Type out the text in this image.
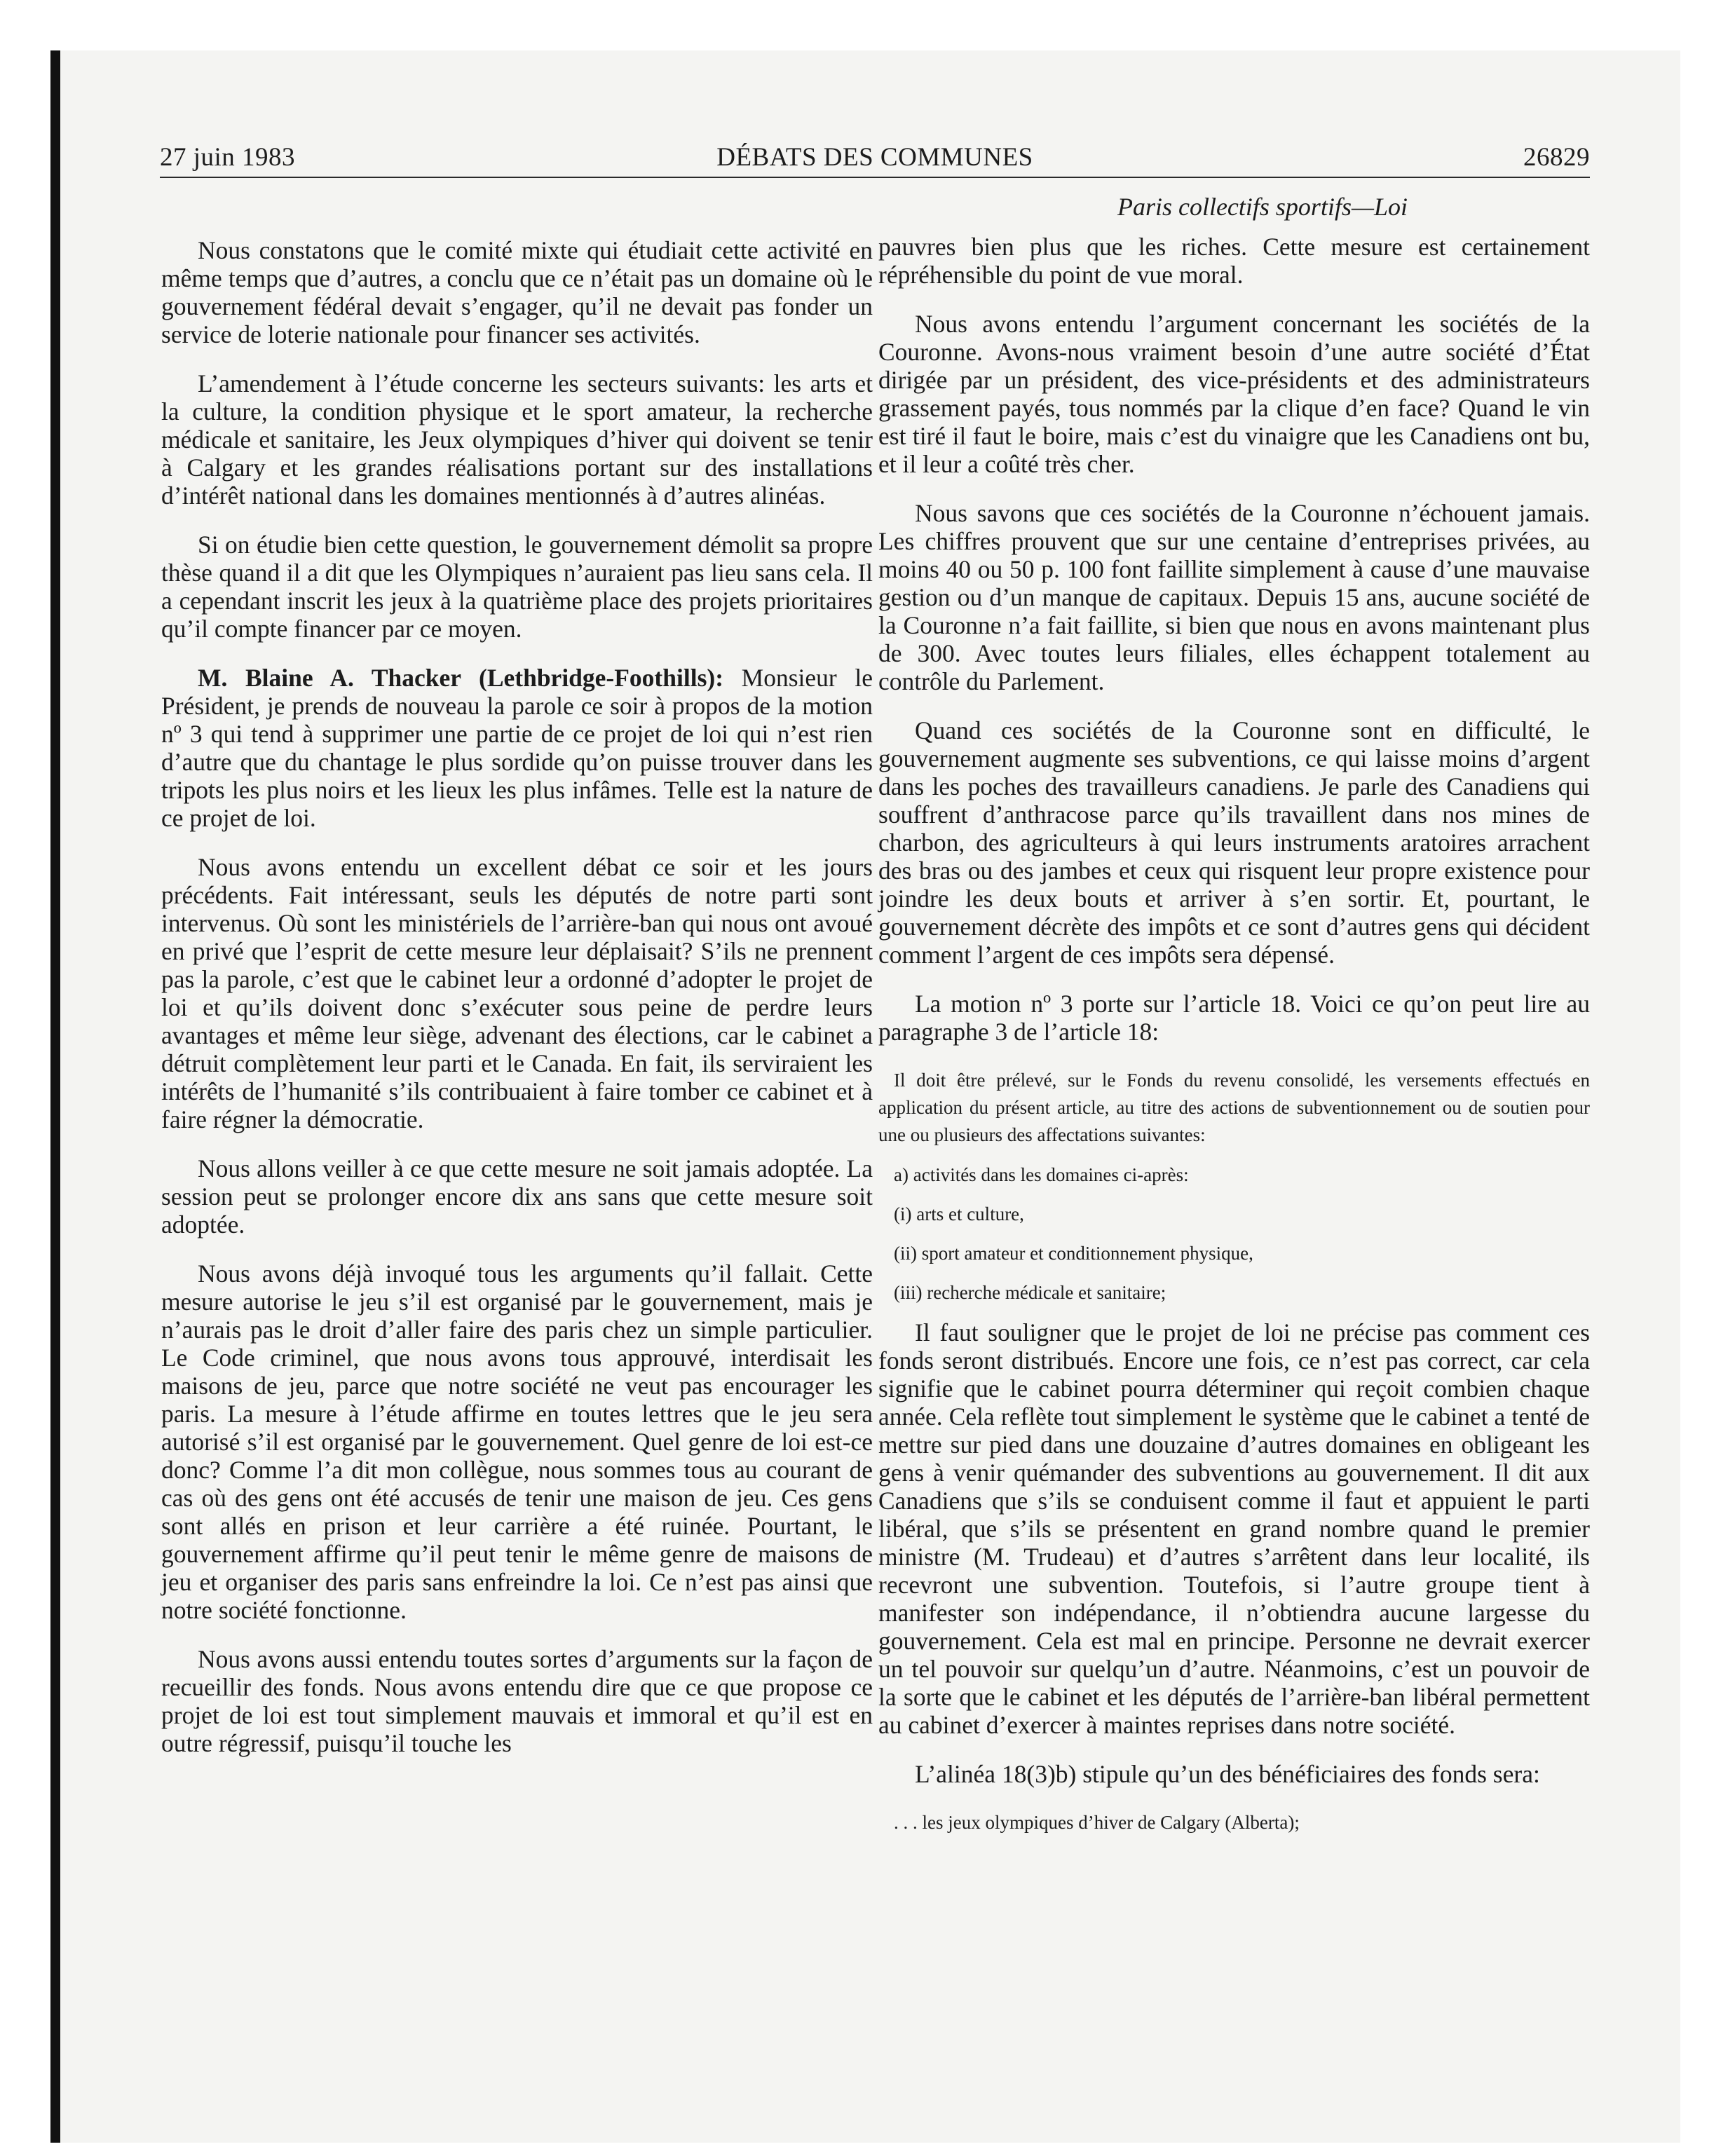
27 juin 1983	DÉBATS DES COMMUNES	26829
Paris collectifs sportifs—Loi

Nous constatons que le comité mixte qui étudiait cette activité en même temps que d’autres, a conclu que ce n’était pas un domaine où le gouvernement fédéral devait s’engager, qu’il ne devait pas fonder un service de loterie nationale pour financer ses activités.

L’amendement à l’étude concerne les secteurs suivants: les arts et la culture, la condition physique et le sport amateur, la recherche médicale et sanitaire, les Jeux olympiques d’hiver qui doivent se tenir à Calgary et les grandes réalisations portant sur des installations d’intérêt national dans les domaines mentionnés à d’autres alinéas.

Si on étudie bien cette question, le gouvernement démolit sa propre thèse quand il a dit que les Olympiques n’auraient pas lieu sans cela. Il a cependant inscrit les jeux à la quatrième place des projets prioritaires qu’il compte financer par ce moyen.

M. Blaine A. Thacker (Lethbridge-Foothills): Monsieur le Président, je prends de nouveau la parole ce soir à propos de la motion nº 3 qui tend à supprimer une partie de ce projet de loi qui n’est rien d’autre que du chantage le plus sordide qu’on puisse trouver dans les tripots les plus noirs et les lieux les plus infâmes. Telle est la nature de ce projet de loi.

Nous avons entendu un excellent débat ce soir et les jours précédents. Fait intéressant, seuls les députés de notre parti sont intervenus. Où sont les ministériels de l’arrière-ban qui nous ont avoué en privé que l’esprit de cette mesure leur déplaisait? S’ils ne prennent pas la parole, c’est que le cabinet leur a ordonné d’adopter le projet de loi et qu’ils doivent donc s’exécuter sous peine de perdre leurs avantages et même leur siège, advenant des élections, car le cabinet a détruit complètement leur parti et le Canada. En fait, ils serviraient les intérêts de l’humanité s’ils contribuaient à faire tomber ce cabinet et à faire régner la démocratie.

Nous allons veiller à ce que cette mesure ne soit jamais adoptée. La session peut se prolonger encore dix ans sans que cette mesure soit adoptée.

Nous avons déjà invoqué tous les arguments qu’il fallait. Cette mesure autorise le jeu s’il est organisé par le gouvernement, mais je n’aurais pas le droit d’aller faire des paris chez un simple particulier. Le Code criminel, que nous avons tous approuvé, interdisait les maisons de jeu, parce que notre société ne veut pas encourager les paris. La mesure à l’étude affirme en toutes lettres que le jeu sera autorisé s’il est organisé par le gouvernement. Quel genre de loi est-ce donc? Comme l’a dit mon collègue, nous sommes tous au courant de cas où des gens ont été accusés de tenir une maison de jeu. Ces gens sont allés en prison et leur carrière a été ruinée. Pourtant, le gouvernement affirme qu’il peut tenir le même genre de maisons de jeu et organiser des paris sans enfreindre la loi. Ce n’est pas ainsi que notre société fonctionne.

Nous avons aussi entendu toutes sortes d’arguments sur la façon de recueillir des fonds. Nous avons entendu dire que ce que propose ce projet de loi est tout simplement mauvais et immoral et qu’il est en outre régressif, puisqu’il touche les

pauvres bien plus que les riches. Cette mesure est certainement répréhensible du point de vue moral.

Nous avons entendu l’argument concernant les sociétés de la Couronne. Avons-nous vraiment besoin d’une autre société d’État dirigée par un président, des vice-présidents et des administrateurs grassement payés, tous nommés par la clique d’en face? Quand le vin est tiré il faut le boire, mais c’est du vinaigre que les Canadiens ont bu, et il leur a coûté très cher.

Nous savons que ces sociétés de la Couronne n’échouent jamais. Les chiffres prouvent que sur une centaine d’entreprises privées, au moins 40 ou 50 p. 100 font faillite simplement à cause d’une mauvaise gestion ou d’un manque de capitaux. Depuis 15 ans, aucune société de la Couronne n’a fait faillite, si bien que nous en avons maintenant plus de 300. Avec toutes leurs filiales, elles échappent totalement au contrôle du Parlement.

Quand ces sociétés de la Couronne sont en difficulté, le gouvernement augmente ses subventions, ce qui laisse moins d’argent dans les poches des travailleurs canadiens. Je parle des Canadiens qui souffrent d’anthracose parce qu’ils travaillent dans nos mines de charbon, des agriculteurs à qui leurs instruments aratoires arrachent des bras ou des jambes et ceux qui risquent leur propre existence pour joindre les deux bouts et arriver à s’en sortir. Et, pourtant, le gouvernement décrète des impôts et ce sont d’autres gens qui décident comment l’argent de ces impôts sera dépensé.

La motion nº 3 porte sur l’article 18. Voici ce qu’on peut lire au paragraphe 3 de l’article 18:

Il doit être prélevé, sur le Fonds du revenu consolidé, les versements effectués en application du présent article, au titre des actions de subventionnement ou de soutien pour une ou plusieurs des affectations suivantes:

a) activités dans les domaines ci-après:

(i) arts et culture,

(ii) sport amateur et conditionnement physique,

(iii) recherche médicale et sanitaire;

Il faut souligner que le projet de loi ne précise pas comment ces fonds seront distribués. Encore une fois, ce n’est pas correct, car cela signifie que le cabinet pourra déterminer qui reçoit combien chaque année. Cela reflète tout simplement le système que le cabinet a tenté de mettre sur pied dans une douzaine d’autres domaines en obligeant les gens à venir quémander des subventions au gouvernement. Il dit aux Canadiens que s’ils se conduisent comme il faut et appuient le parti libéral, que s’ils se présentent en grand nombre quand le premier ministre (M. Trudeau) et d’autres s’arrêtent dans leur localité, ils recevront une subvention. Toutefois, si l’autre groupe tient à manifester son indépendance, il n’obtiendra aucune largesse du gouvernement. Cela est mal en principe. Personne ne devrait exercer un tel pouvoir sur quelqu’un d’autre. Néanmoins, c’est un pouvoir de la sorte que le cabinet et les députés de l’arrière-ban libéral permettent au cabinet d’exercer à maintes reprises dans notre société.

L’alinéa 18(3)b) stipule qu’un des bénéficiaires des fonds sera:

. . . les jeux olympiques d’hiver de Calgary (Alberta);
